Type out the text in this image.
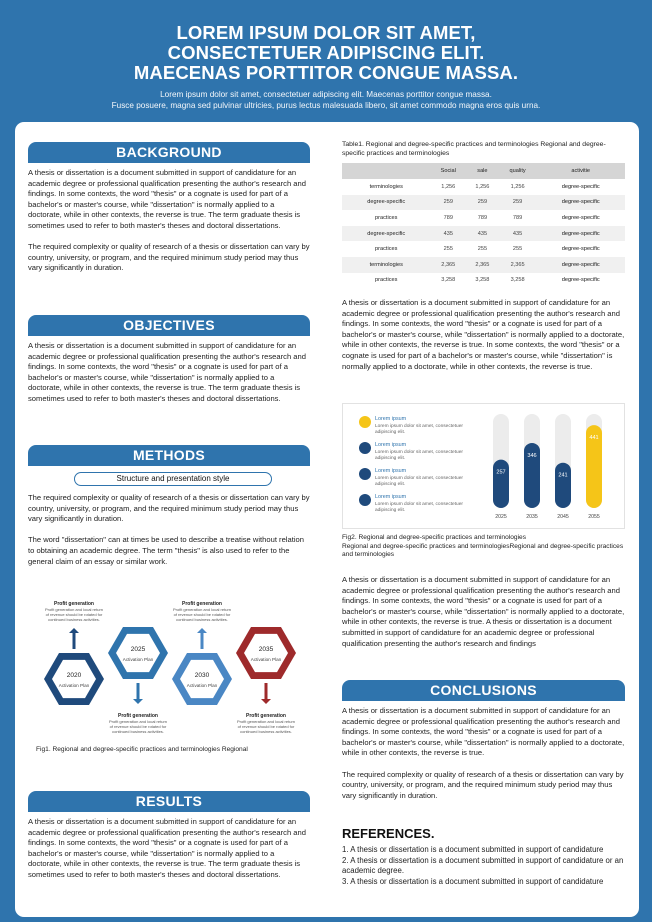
LOREM IPSUM DOLOR SIT AMET,
CONSECTETUER ADIPISCING ELIT.
MAECENAS PORTTITOR CONGUE MASSA.
Lorem ipsum dolor sit amet, consectetuer adipiscing elit. Maecenas porttitor congue massa.
Fusce posuere, magna sed pulvinar ultricies, purus lectus malesuada libero, sit amet commodo magna eros quis urna.
BACKGROUND

A thesis or dissertation is a document submitted in support of candidature for an academic degree or professional qualification presenting the author's research and findings. In some contexts, the word "thesis" or a cognate is used for part of a bachelor's or master's course, while "dissertation" is normally applied to a doctorate, while in other contexts, the reverse is true. The term graduate thesis is sometimes used to refer to both master's theses and doctoral dissertations.

The required complexity or quality of research of a thesis or dissertation can vary by country, university, or program, and the required minimum study period may thus vary significantly in duration.

OBJECTIVES

A thesis or dissertation is a document submitted in support of candidature for an academic degree or professional qualification presenting the author's research and findings. In some contexts, the word "thesis" or a cognate is used for part of a bachelor's or master's course, while "dissertation" is normally applied to a doctorate, while in other contexts, the reverse is true. The term graduate thesis is sometimes used to refer to both master's theses and doctoral dissertations.

METHODS
Structure and presentation style

The required complexity or quality of research of a thesis or dissertation can vary by country, university, or program, and the required minimum study period may thus vary significantly in duration.

The word "dissertation" can at times be used to describe a treatise without relation to obtaining an academic degree. The term "thesis" is also used to refer to the general claim of an essay or similar work.

2020
Activation Plan
Profit generation
Profit generation and local return of revenue should be rotated for continued business activities.
2025
Activation Plan
Profit generation
Profit generation and local return of revenue should be rotated for continued business activities.
2030
Activation Plan
Profit generation
Profit generation and local return of revenue should be rotated for continued business activities.
2035
Activation Plan
Profit generation
Profit generation and local return of revenue should be rotated for continued business activities.
Fig1. Regional and degree-specific practices and terminologies Regional
RESULTS

A thesis or dissertation is a document submitted in support of candidature for an academic degree or professional qualification presenting the author's research and findings. In some contexts, the word "thesis" or a cognate is used for part of a bachelor's or master's course, while "dissertation" is normally applied to a doctorate, while in other contexts, the reverse is true. The term graduate thesis is sometimes used to refer to both master's theses and doctoral dissertations.

Table1. Regional and degree-specific practices and terminologies Regional and degree-specific practices and terminologies
	Social	sale	quality	activitie
terminologies	1,256	1,256	1,256	degree-specific
degree-specific	259	259	259	degree-specific
practices	789	789	789	degree-specific
degree-specific	435	435	435	degree-specific
practices	255	255	255	degree-specific
terminologies	2,365	2,365	2,365	degree-specific
practices	3,258	3,258	3,258	degree-specific
A thesis or dissertation is a document submitted in support of candidature for an academic degree or professional qualification presenting the author's research and findings. In some contexts, the word "thesis" or a cognate is used for part of a bachelor's or master's course, while "dissertation" is normally applied to a doctorate, while in other contexts, the reverse is true. In some contexts, the word "thesis" or a cognate is used for part of a bachelor's or master's course, while "dissertation" is normally applied to a doctorate, while in other contexts, the reverse is true.
Lorem ipsum
Lorem ipsum dolor sit amet, consectetuer adipiscing elit.
Lorem ipsum
Lorem ipsum dolor sit amet, consectetuer adipiscing elit.
Lorem ipsum
Lorem ipsum dolor sit amet, consectetuer adipiscing elit.
Lorem ipsum
Lorem ipsum dolor sit amet, consectetuer adipiscing elit.
257
2025
346
2035
241
2045
441
2055
Fig2. Regional and degree-specific practices and terminologies
Regional and degree-specific practices and terminologiesRegional and degree-specific practices and terminologies
A thesis or dissertation is a document submitted in support of candidature for an academic degree or professional qualification presenting the author's research and findings. In some contexts, the word "thesis" or a cognate is used for part of a bachelor's or master's course, while "dissertation" is normally applied to a doctorate, while in other contexts, the reverse is true. A thesis or dissertation is a document submitted in support of candidature for an academic degree or professional qualification presenting the author's research and findings
CONCLUSIONS

A thesis or dissertation is a document submitted in support of candidature for an academic degree or professional qualification presenting the author's research and findings. In some contexts, the word "thesis" or a cognate is used for part of a bachelor's or master's course, while "dissertation" is normally applied to a doctorate, while in other contexts, the reverse is true.

The required complexity or quality of research of a thesis or dissertation can vary by country, university, or program, and the required minimum study period may thus vary significantly in duration.

REFERENCES.
1. A thesis or dissertation is a document submitted in support of candidature
2. A thesis or dissertation is a document submitted in support of candidature or an academic degree.
3. A thesis or dissertation is a document submitted in support of candidature
